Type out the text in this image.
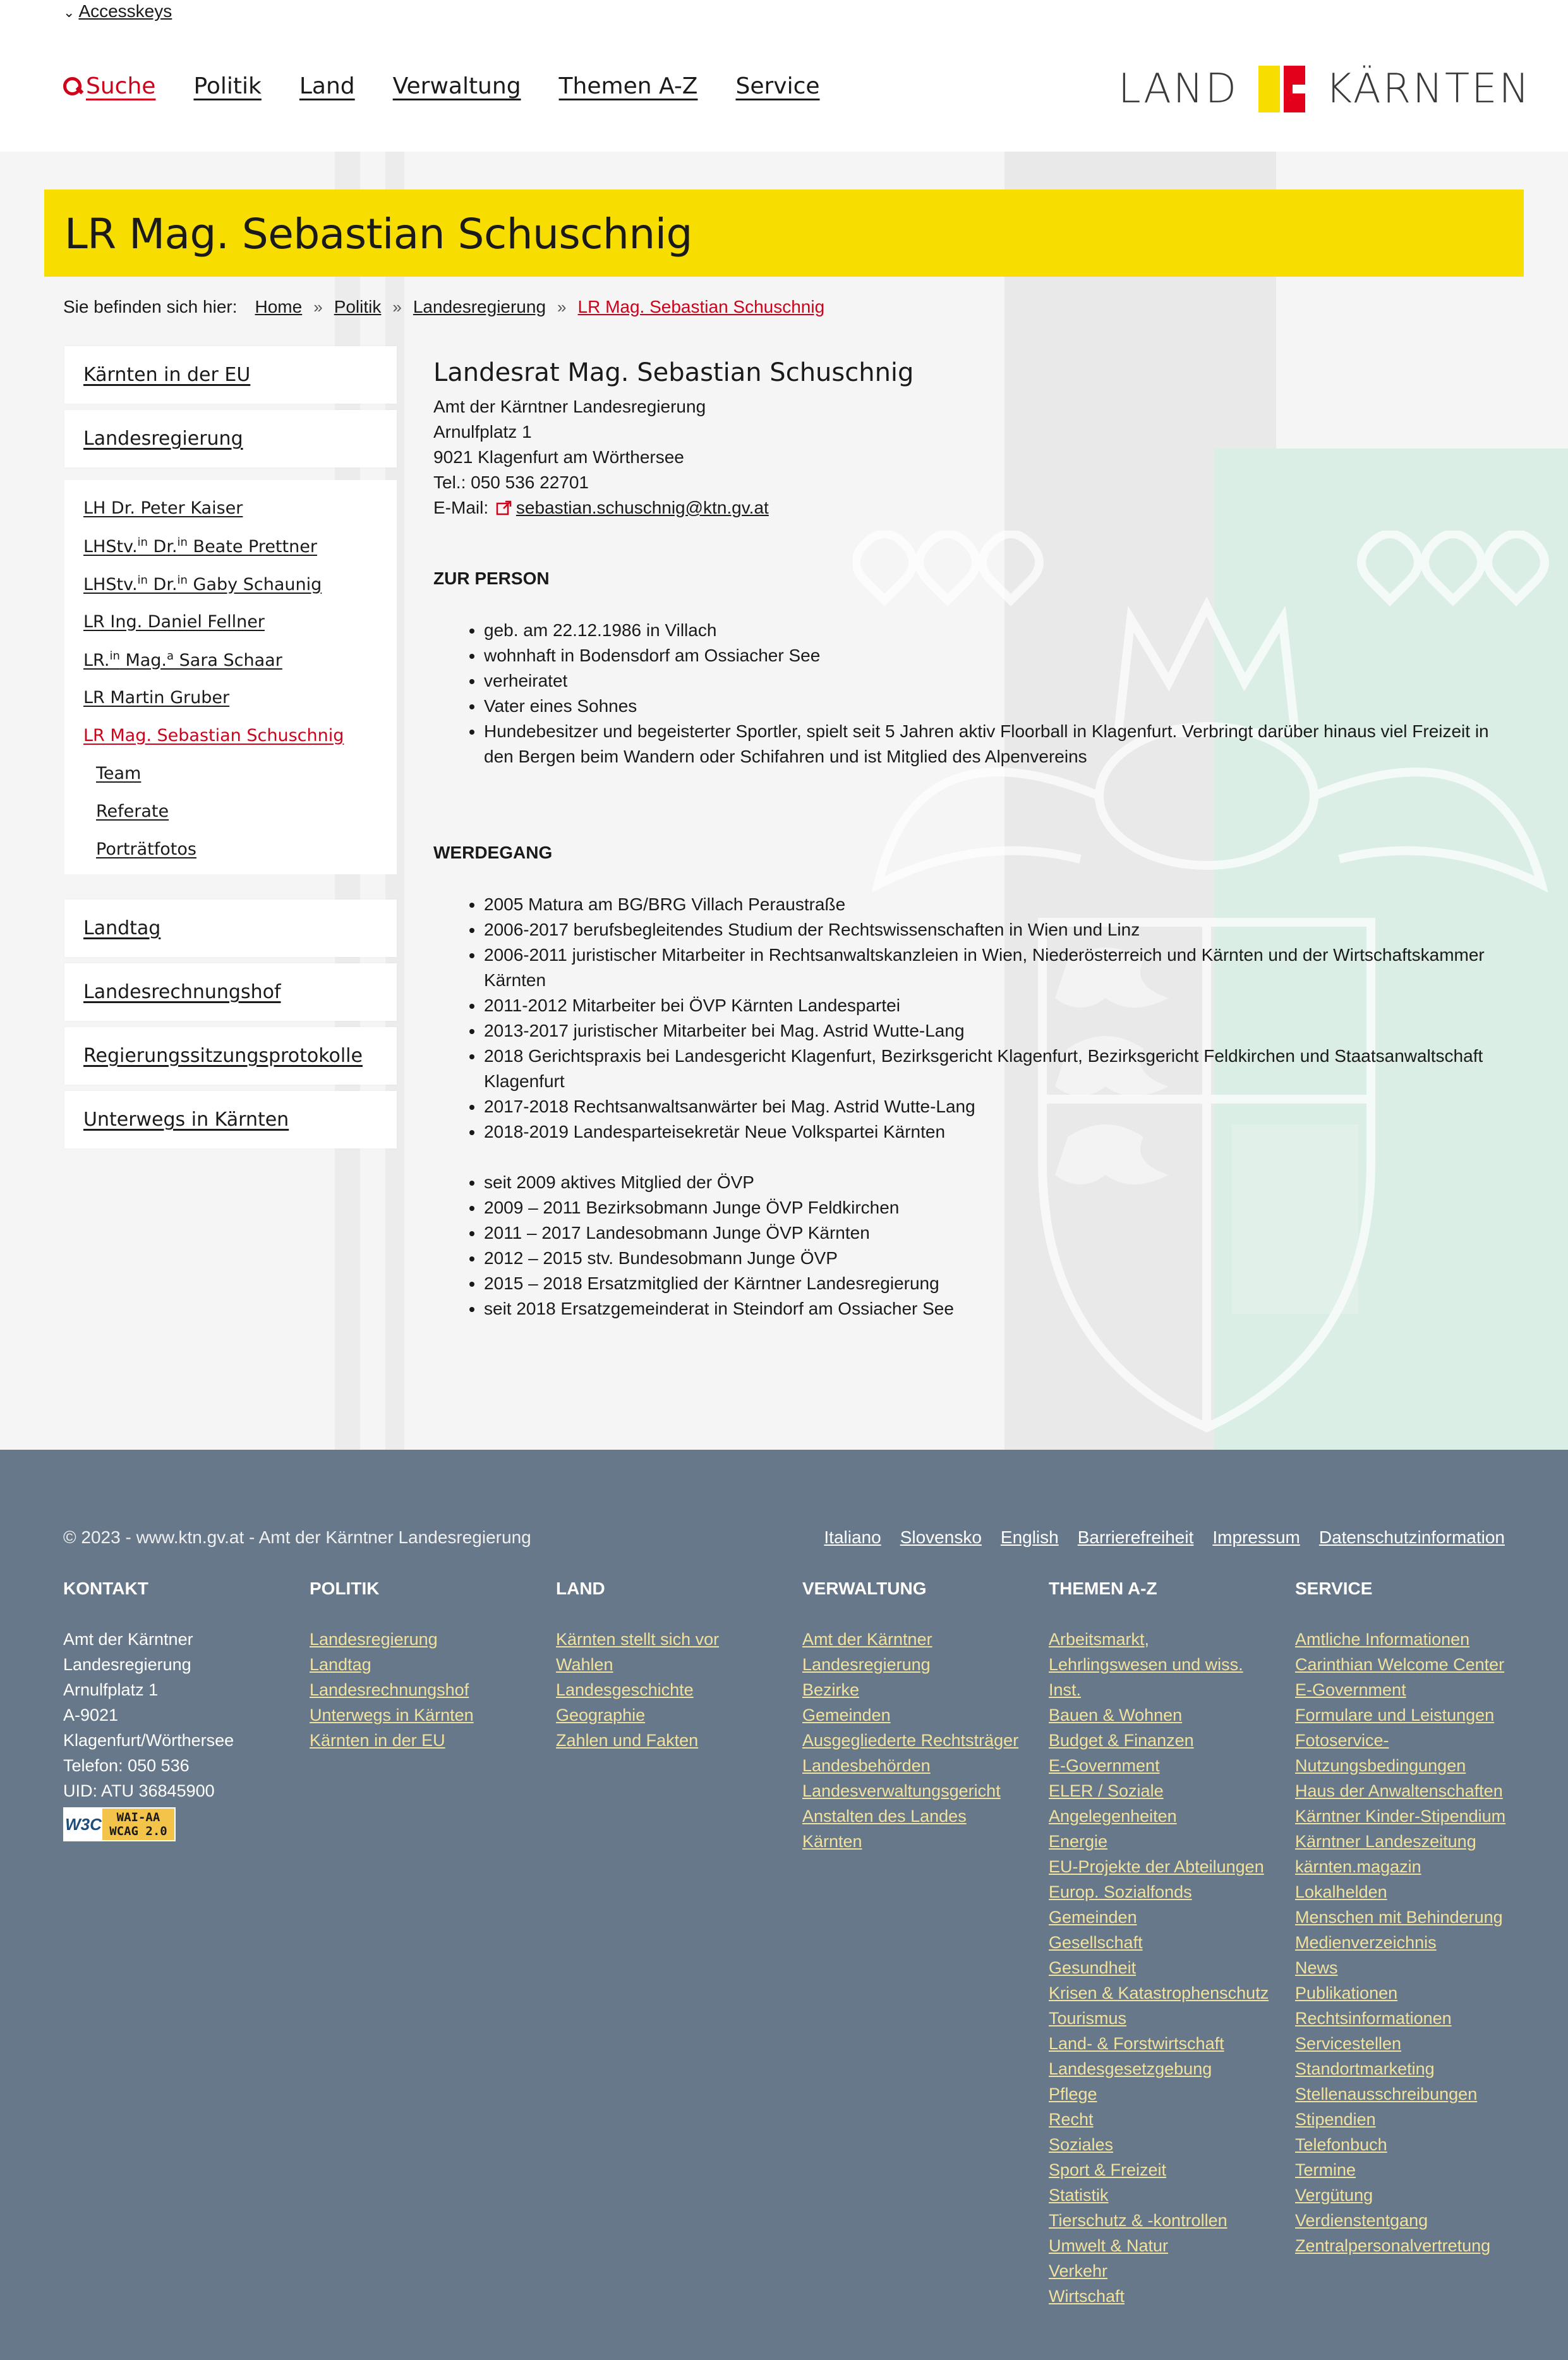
⌄ Accesskeys
Suche Politik Land Verwaltung Themen A-Z Service	LAND KÄRNTEN
LR Mag. Sebastian Schuschnig
Sie befinden sich hier: Home » Politik » Landesregierung » LR Mag. Sebastian Schuschnig
Kärnten in der EU
Landesregierung
LH Dr. Peter Kaiser
LHStv.$^{in}$ Dr.$^{in}$ Beate Prettner
LHStv.$^{in}$ Dr.$^{in}$ Gaby Schaunig
LR Ing. Daniel Fellner
LR.$^{in}$ Mag.$^a$ Sara Schaar
LR Martin Gruber
LR Mag. Sebastian Schuschnig
Team
Referate
Porträtfotos
Landtag
Landesrechnungshof
Regierungssitzungsprotokolle
Unterwegs in Kärnten
Landesrat Mag. Sebastian Schuschnig
Amt der Kärntner Landesregierung
Arnulfplatz 1
9021 Klagenfurt am Wörthersee
Tel.: 050 536 22701
E-Mail: sebastian.schuschnig@ktn.gv.at
ZUR PERSON
• geb. am 22.12.1986 in Villach
• wohnhaft in Bodensdorf am Ossiacher See
• verheiratet
• Vater eines Sohnes
• Hundebesitzer und begeisterter Sportler, spielt seit 5 Jahren aktiv Floorball in Klagenfurt. Verbringt darüber hinaus viel Freizeit in den Bergen beim Wandern oder Schifahren und ist Mitglied des Alpenvereins
WERDEGANG
• 2005 Matura am BG/BRG Villach Peraustraße
• 2006-2017 berufsbegleitendes Studium der Rechtswissenschaften in Wien und Linz
• 2006-2011 juristischer Mitarbeiter in Rechtsanwaltskanzleien in Wien, Niederösterreich und Kärnten und der Wirtschaftskammer Kärnten
• 2011-2012 Mitarbeiter bei ÖVP Kärnten Landespartei
• 2013-2017 juristischer Mitarbeiter bei Mag. Astrid Wutte-Lang
• 2018 Gerichtspraxis bei Landesgericht Klagenfurt, Bezirksgericht Klagenfurt, Bezirksgericht Feldkirchen und Staatsanwaltschaft Klagenfurt
• 2017-2018 Rechtsanwaltsanwärter bei Mag. Astrid Wutte-Lang
• 2018-2019 Landesparteisekretär Neue Volkspartei Kärnten
• seit 2009 aktives Mitglied der ÖVP
• 2009 – 2011 Bezirksobmann Junge ÖVP Feldkirchen
• 2011 – 2017 Landesobmann Junge ÖVP Kärnten
• 2012 – 2015 stv. Bundesobmann Junge ÖVP
• 2015 – 2018 Ersatzmitglied der Kärntner Landesregierung
• seit 2018 Ersatzgemeinderat in Steindorf am Ossiacher See
© 2023 - www.ktn.gv.at - Amt der Kärntner Landesregierung	Italiano Slovensko English Barrierefreiheit Impressum Datenschutzinformation
KONTAKT
Amt der Kärntner
Landesregierung
Arnulfplatz 1
A-9021
Klagenfurt/Wörthersee
Telefon: 050 536
UID: ATU 36845900
W3C WAI-AA
WCAG 2.0
POLITIK
Landesregierung
Landtag
Landesrechnungshof
Unterwegs in Kärnten
Kärnten in der EU
LAND
Kärnten stellt sich vor
Wahlen
Landesgeschichte
Geographie
Zahlen und Fakten
VERWALTUNG
Amt der Kärntner Landesregierung
Bezirke
Gemeinden
Ausgegliederte Rechtsträger
Landesbehörden
Landesverwaltungsgericht
Anstalten des Landes Kärnten
THEMEN A-Z
Arbeitsmarkt, Lehrlingswesen und wiss. Inst.
Bauen & Wohnen
Budget & Finanzen
E-Government
ELER / Soziale Angelegenheiten
Energie
EU-Projekte der Abteilungen
Europ. Sozialfonds
Gemeinden
Gesellschaft
Gesundheit
Krisen & Katastrophenschutz
Tourismus
Land- & Forstwirtschaft
Landesgesetzgebung
Pflege
Recht
Soziales
Sport & Freizeit
Statistik
Tierschutz & -kontrollen
Umwelt & Natur
Verkehr
Wirtschaft
SERVICE
Amtliche Informationen
Carinthian Welcome Center
E-Government
Formulare und Leistungen
Fotoservice-Nutzungsbedingungen
Haus der Anwaltenschaften
Kärntner Kinder-Stipendium
Kärntner Landeszeitung
kärnten.magazin
Lokalhelden
Menschen mit Behinderung
Medienverzeichnis
News
Publikationen
Rechtsinformationen
Servicestellen
Standortmarketing
Stellenausschreibungen
Stipendien
Telefonbuch
Termine
Vergütung
Verdienstentgang
Zentralpersonalvertretung
